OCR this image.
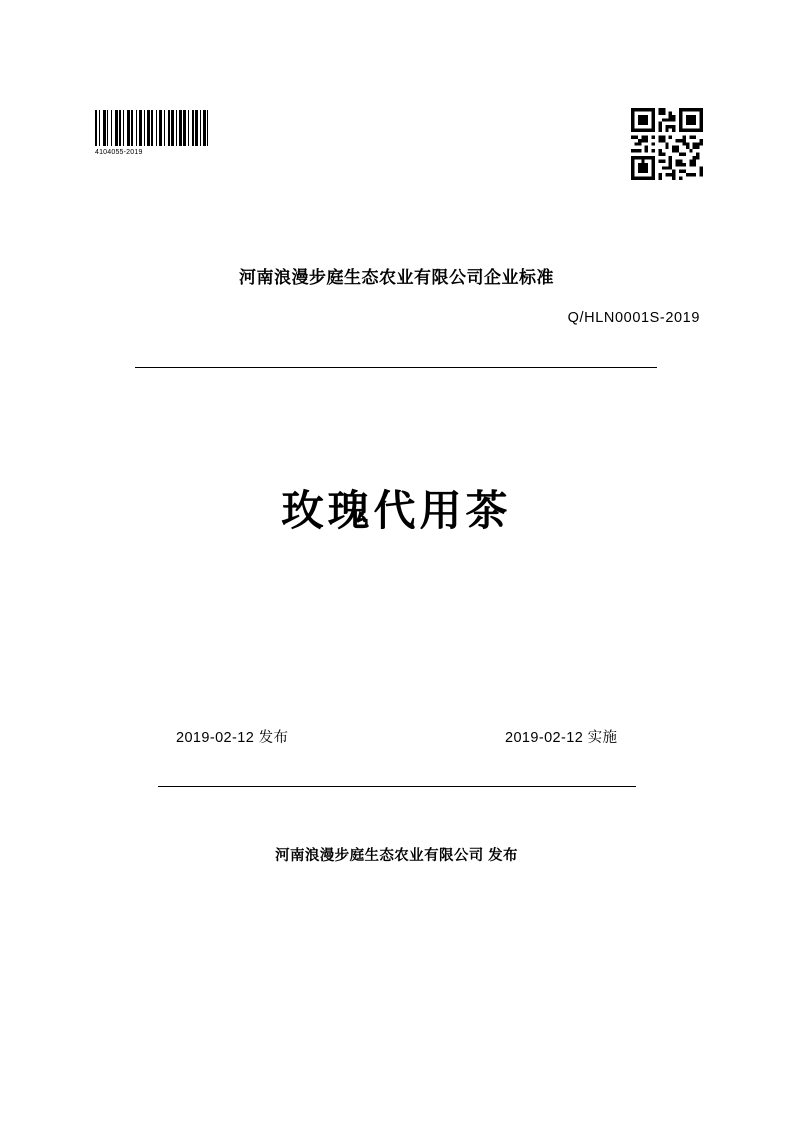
4104055-2019
河南浪漫步庭生态农业有限公司企业标准
Q/HLN0001S-2019
玫瑰代用茶
2019-02-12 发布	2019-02-12 实施
河南浪漫步庭生态农业有限公司 发布
